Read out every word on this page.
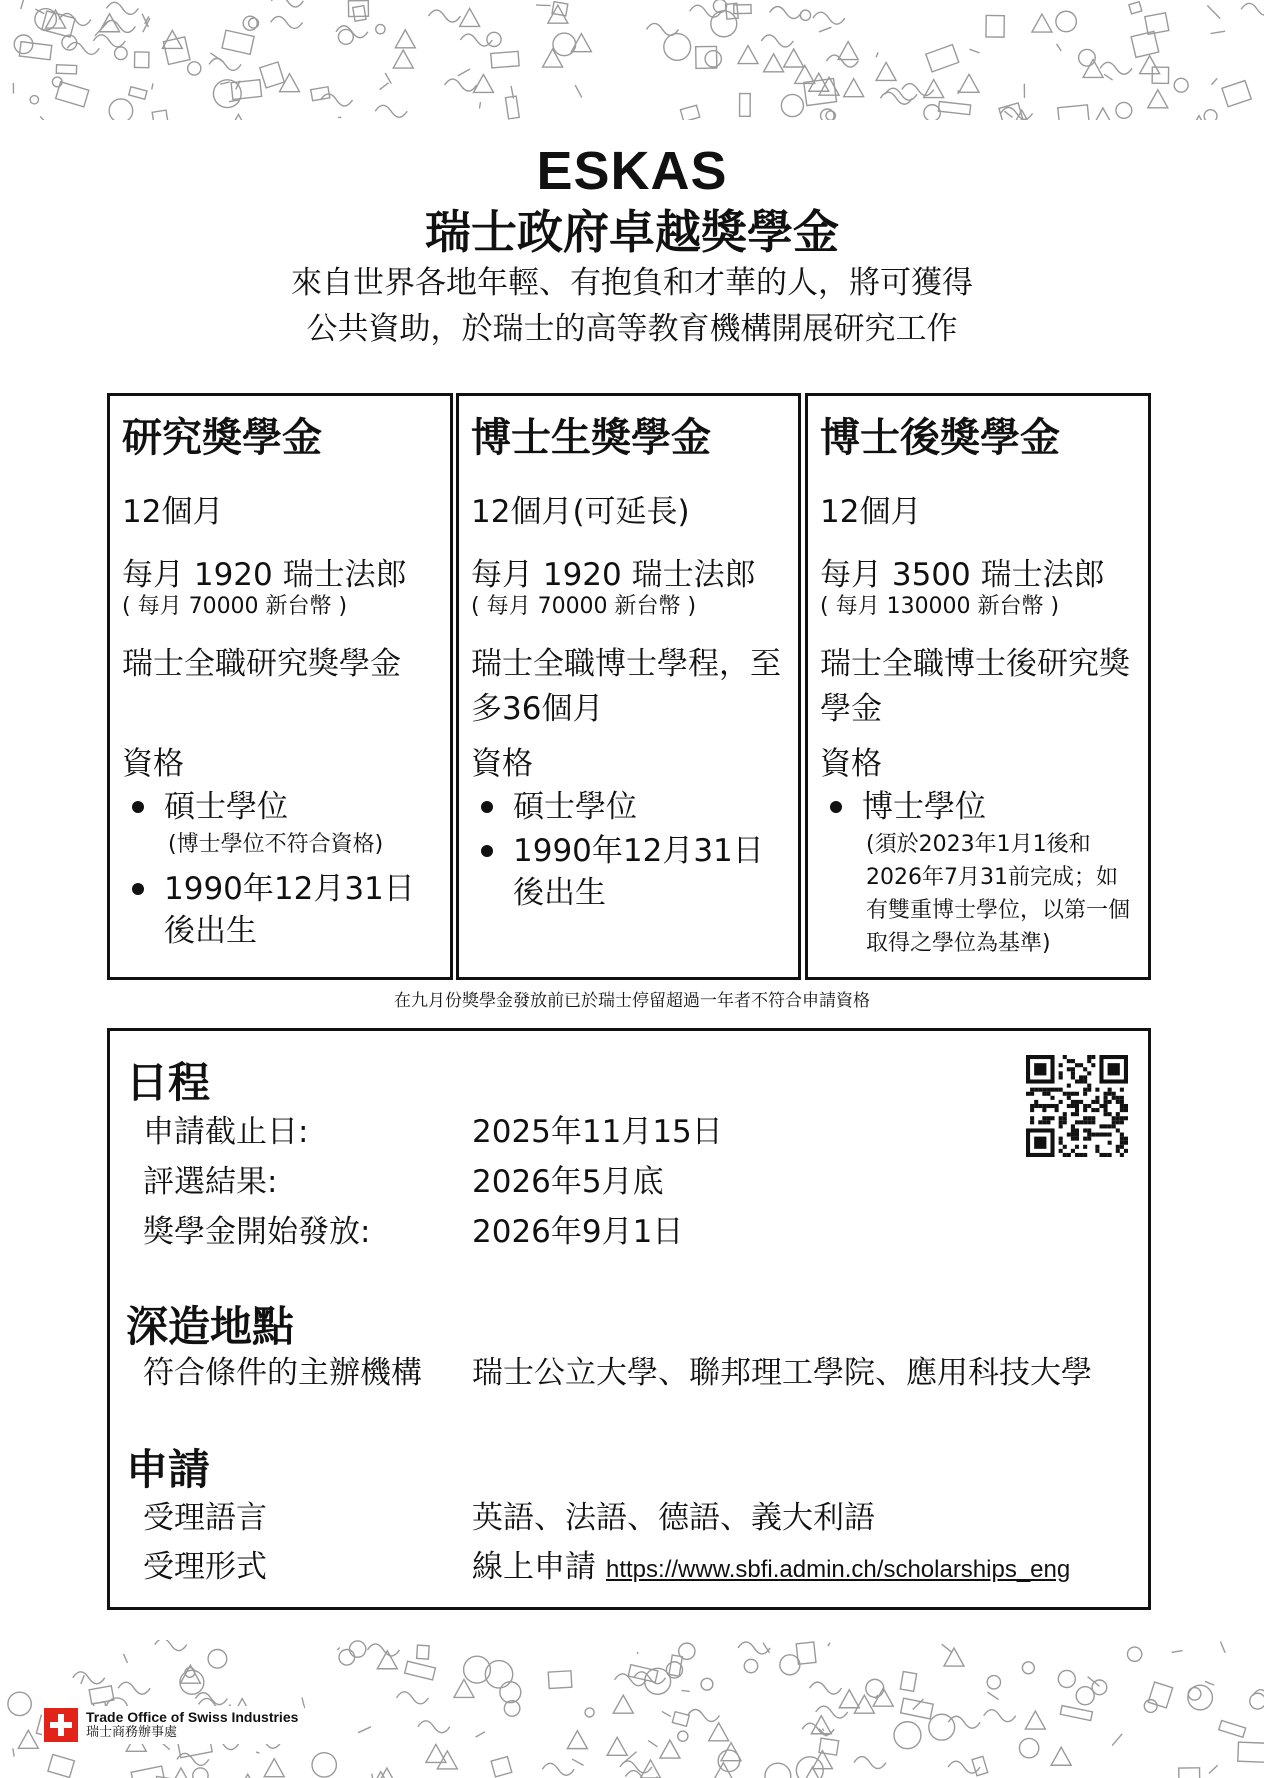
ESKAS
瑞士政府卓越獎學金
來自世界各地年輕、有抱負和才華的人，將可獲得
公共資助，於瑞士的高等教育機構開展研究工作
研究獎學金
12個月
每月 1920 瑞士法郎
( 每月 70000 新台幣 )
瑞士全職研究獎學金
資格
碩士學位
(博士學位不符合資格)
1990年12月31日後出生
博士生獎學金
12個月(可延長)
每月 1920 瑞士法郎
( 每月 70000 新台幣 )
瑞士全職博士學程，至多36個月
資格
碩士學位
1990年12月31日後出生
博士後獎學金
12個月
每月 3500 瑞士法郎
( 每月 130000 新台幣 )
瑞士全職博士後研究獎學金
資格
博士學位
(須於2023年1月1後和2026年7月31前完成；如有雙重博士學位，以第一個取得之學位為基準)
在九月份獎學金發放前已於瑞士停留超過一年者不符合申請資格
日程
申請截止日:	2025年11月15日
評選結果:	2026年5月底
獎學金開始發放:	2026年9月1日
深造地點
符合條件的主辦機構 瑞士公立大學、聯邦理工學院、應用科技大學
申請
受理語言	英語、法語、德語、義大利語
受理形式	線上申請 https://www.sbfi.admin.ch/scholarships_eng
Trade Office of Swiss Industries
瑞士商務辦事處
